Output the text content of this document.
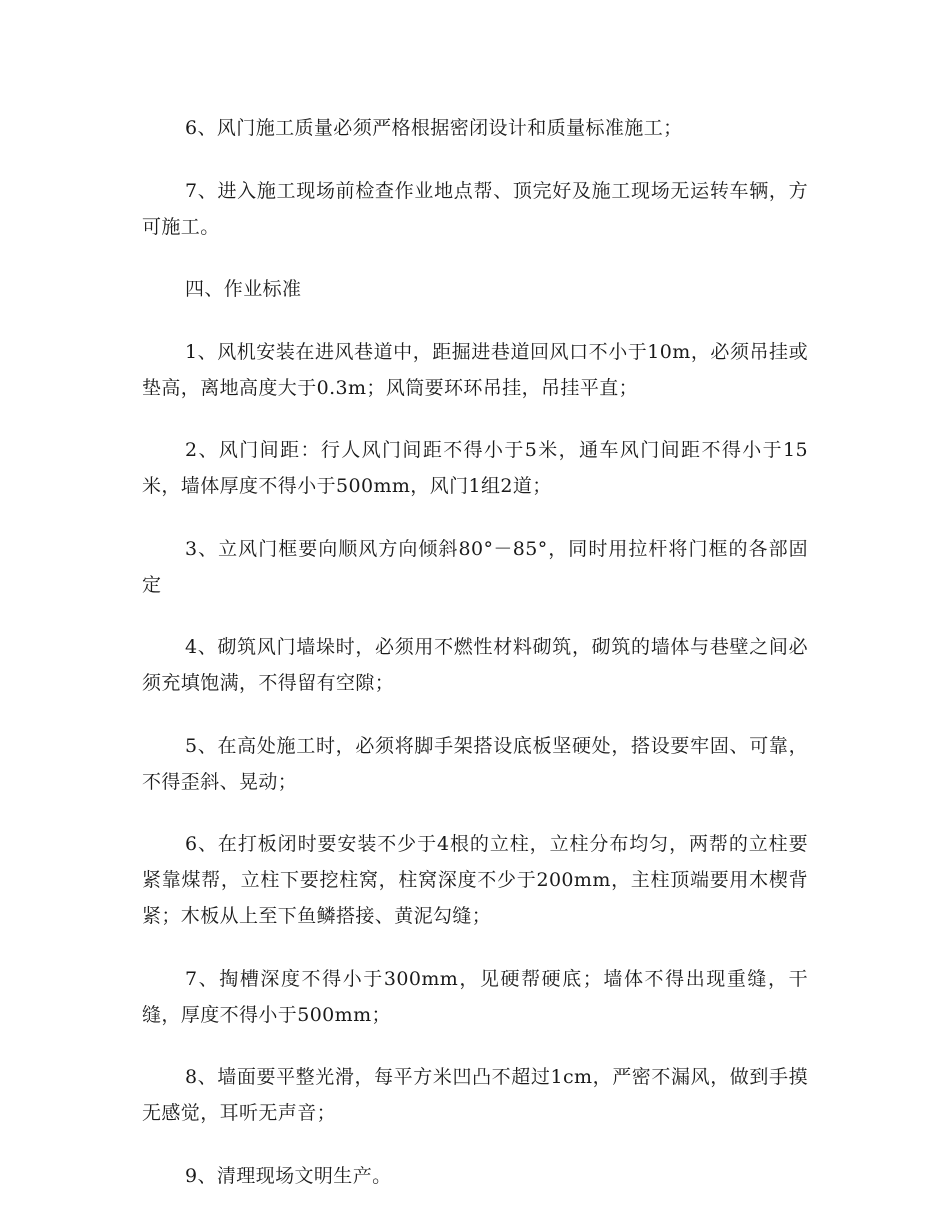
6、风门施工质量必须严格根据密闭设计和质量标准施工；

7、进入施工现场前检查作业地点帮、顶完好及施工现场无运转车辆，方可施工。

四、作业标准

1、风机安装在进风巷道中，距掘进巷道回风口不小于10m，必须吊挂或垫高，离地高度大于0.3m；风筒要环环吊挂，吊挂平直；

2、风门间距：行人风门间距不得小于5米，通车风门间距不得小于15米，墙体厚度不得小于500mm，风门1组2道；

3、立风门框要向顺风方向倾斜80°－85°，同时用拉杆将门框的各部固定

4、砌筑风门墙垛时，必须用不燃性材料砌筑，砌筑的墙体与巷壁之间必须充填饱满，不得留有空隙；

5、在高处施工时，必须将脚手架搭设底板坚硬处，搭设要牢固、可靠，不得歪斜、晃动；

6、在打板闭时要安装不少于4根的立柱，立柱分布均匀，两帮的立柱要紧靠煤帮，立柱下要挖柱窝，柱窝深度不少于200mm，主柱顶端要用木楔背紧；木板从上至下鱼鳞搭接、黄泥勾缝；

7、掏槽深度不得小于300mm，见硬帮硬底；墙体不得出现重缝，干缝，厚度不得小于500mm；

8、墙面要平整光滑，每平方米凹凸不超过1cm，严密不漏风，做到手摸无感觉，耳听无声音；

9、清理现场文明生产。
